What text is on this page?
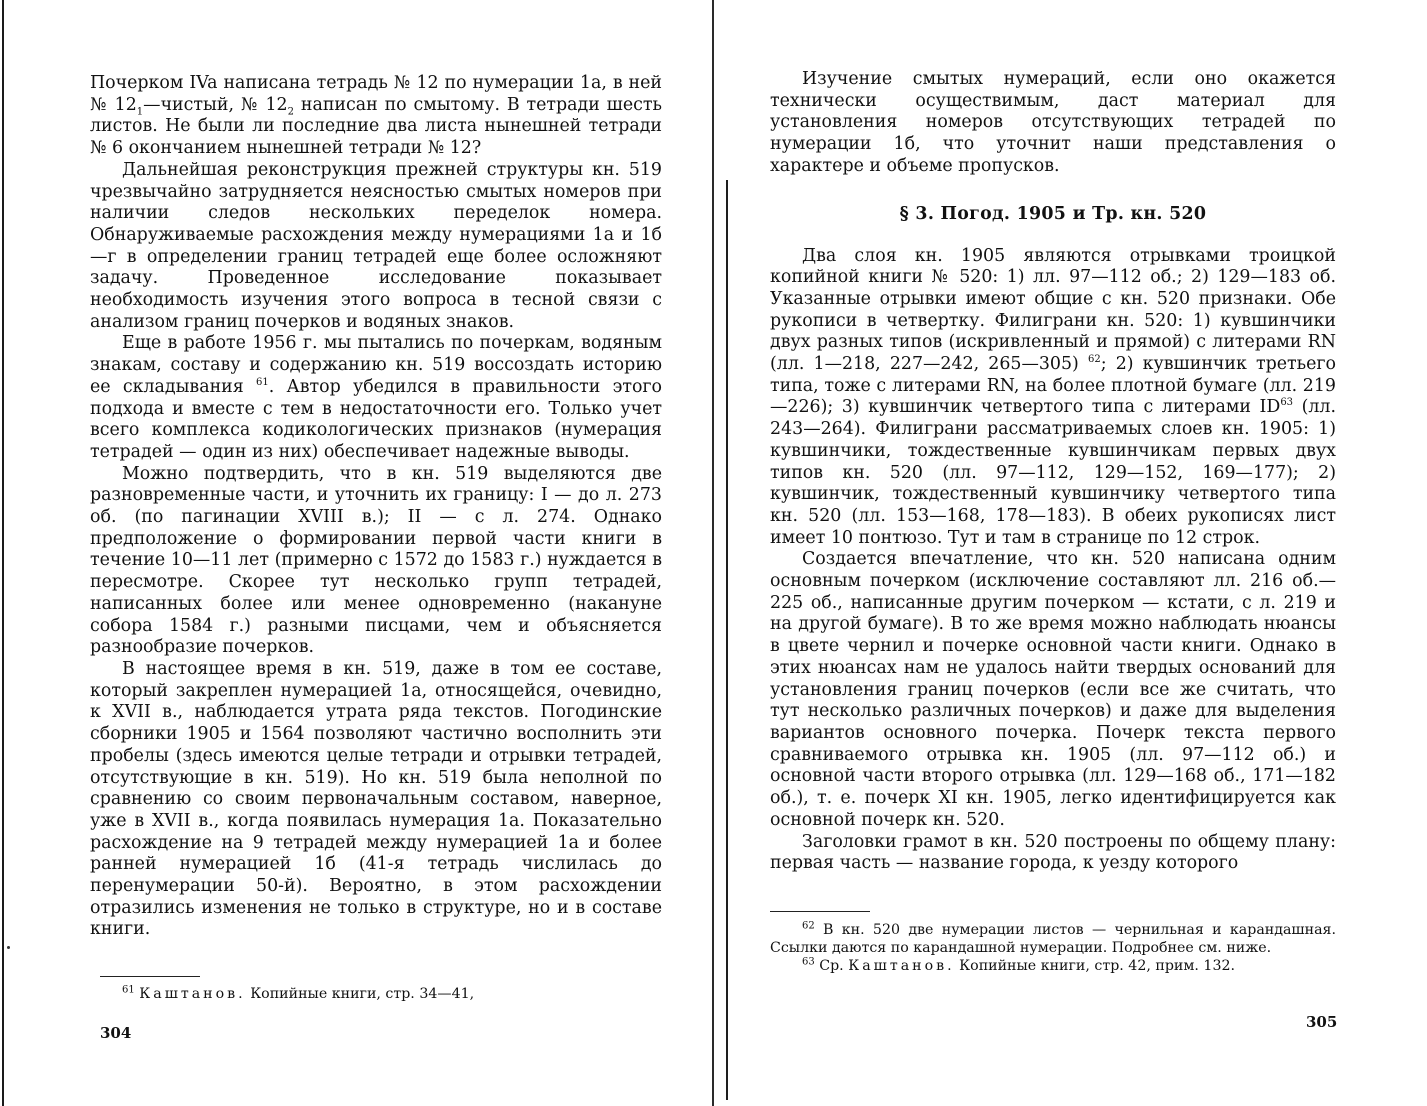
Почерком IVa написана тетрадь № 12 по нумерации 1а, в ней № $12_1—чистый$, № $12_2$ написан по смытому. В тетради шесть листов. Не были ли последние два листа нынешней тетради № 6 окончанием нынешней тетради № 12?

Дальнейшая реконструкция прежней структуры кн. 519 чрезвычайно затрудняется неясностью смытых номеров при наличии следов нескольких переделок номера. Обнаруживаемые расхождения между нумерациями 1а и 1б—г в определении границ тетрадей еще более осложняют задачу. Проведенное исследование показывает необходимость изучения этого вопроса в тесной связи с анализом границ почерков и водяных знаков.

Еще в работе 1956 г. мы пытались по почеркам, водяным знакам, составу и содержанию кн. 519 воссоздать историю ее складывания $^{61}$. Автор убедился в правильности этого подхода и вместе с тем в недостаточности его. Только учет всего комплекса кодикологических признаков (нумерация тетрадей — один из них) обеспечивает надежные выводы.

Можно подтвердить, что в кн. 519 выделяются две разновременные части, и уточнить их границу: I — до л. 273 об. (по пагинации XVIII в.); II — с л. 274. Однако предположение о формировании первой части книги в течение 10—11 лет (примерно с 1572 до 1583 г.) нуждается в пересмотре. Скорее тут несколько групп тетрадей, написанных более или менее одновременно (накануне собора 1584 г.) разными писцами, чем и объясняется разнообразие почерков.

В настоящее время в кн. 519, даже в том ее составе, который закреплен нумерацией 1а, относящейся, очевидно, к XVII в., наблюдается утрата ряда текстов. Погодинские сборники 1905 и 1564 позволяют частично восполнить эти пробелы (здесь имеются целые тетради и отрывки тетрадей, отсутствующие в кн. 519). Но кн. 519 была неполной по сравнению со своим первоначальным составом, наверное, уже в XVII в., когда появилась нумерация 1а. Показательно расхождение на 9 тетрадей между нумерацией 1а и более ранней нумерацией 1б (41-я тетрадь числилась до перенумерации 50-й). Вероятно, в этом расхождении отразились изменения не только в структуре, но и в составе книги.

$^{61}$ Каштанов. Копийные книги, стр. 34—41,

304

Изучение смытых нумераций, если оно окажется технически осуществимым, даст материал для установления номеров отсутствующих тетрадей по нумерации 1б, что уточнит наши представления о характере и объеме пропусков.

§ 3. Погод. 1905 и Тр. кн. 520

Два слоя кн. 1905 являются отрывками троицкой копийной книги № 520: 1) лл. 97—112 об.; 2) 129—183 об. Указанные отрывки имеют общие с кн. 520 признаки. Обе рукописи в четвертку. Филиграни кн. 520: 1) кувшинчики двух разных типов (искривленный и прямой) с литерами RN (лл. 1—218, 227—242, 265—305) $^{62}$; 2) кувшинчик третьего типа, тоже с литерами RN, на более плотной бумаге (лл. 219—226); 3) кувшинчик четвертого типа с литерами ID$^{63}$ (лл. 243—264). Филиграни рассматриваемых слоев кн. 1905: 1) кувшинчики, тождественные кувшинчикам первых двух типов кн. 520 (лл. 97—112, 129—152, 169—177); 2) кувшинчик, тождественный кувшинчику четвертого типа кн. 520 (лл. 153—168, 178—183). В обеих рукописях лист имеет 10 понтюзо. Тут и там в странице по 12 строк.

Создается впечатление, что кн. 520 написана одним основным почерком (исключение составляют лл. 216 об.—225 об., написанные другим почерком — кстати, с л. 219 и на другой бумаге). В то же время можно наблюдать нюансы в цвете чернил и почерке основной части книги. Однако в этих нюансах нам не удалось найти твердых оснований для установления границ почерков (если все же считать, что тут несколько различных почерков) и даже для выделения вариантов основного почерка. Почерк текста первого сравниваемого отрывка кн. 1905 (лл. 97—112 об.) и основной части второго отрывка (лл. 129—168 об., 171—182 об.), т. е. почерк XI кн. 1905, легко идентифицируется как основной почерк кн. 520.

Заголовки грамот в кн. 520 построены по общему плану: первая часть — название города, к уезду которого

$^{62}$ В кн. 520 две нумерации листов — чернильная и карандашная. Ссылки даются по карандашной нумерации. Подробнее см. ниже.

$^{63}$ Ср. Каштанов. Копийные книги, стр. 42, прим. 132.

305
